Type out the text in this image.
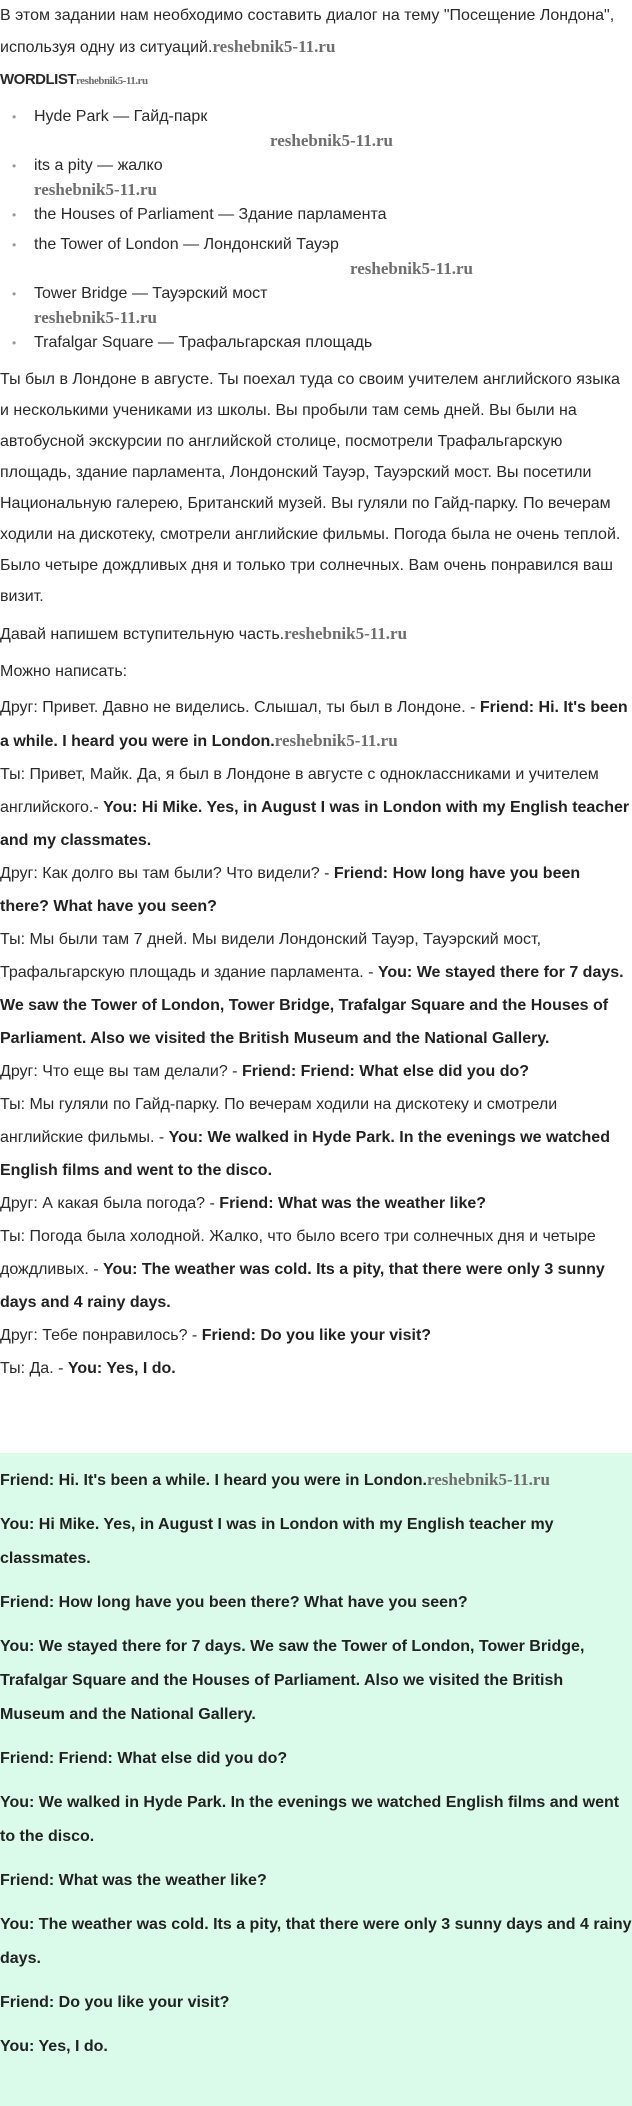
В этом задании нам необходимо составить диалог на тему "Посещение Лондона", используя одну из ситуаций.reshebnik5-11.ru

WORDLISTreshebnik5-11.ru

• Hyde Park — Гайд-парк
reshebnik5-11.ru
• its a pity — жалко
reshebnik5-11.ru
• the Houses of Parliament — Здание парламента
• the Tower of London — Лондонский Тауэр
reshebnik5-11.ru
• Tower Bridge — Тауэрский мост
reshebnik5-11.ru
• Trafalgar Square — Трафальгарская площадь

Ты был в Лондоне в августе. Ты поехал туда со своим учителем английского языка и несколькими учениками из школы. Вы пробыли там семь дней. Вы были на автобусной экскурсии по английской столице, посмотрели Трафальгарскую площадь, здание парламента, Лондонский Тауэр, Тауэрский мост. Вы посетили Национальную галерею, Британский музей. Вы гуляли по Гайд-парку. По вечерам ходили на дискотеку, смотрели английские фильмы. Погода была не очень теплой. Было четыре дождливых дня и только три солнечных. Вам очень понравился ваш визит.

Давай напишем вступительную часть.reshebnik5-11.ru

Можно написать:

Друг: Привет. Давно не виделись. Слышал, ты был в Лондоне. - Friend: Hi. It's been a while. I heard you were in London.reshebnik5-11.ru

Ты: Привет, Майк. Да, я был в Лондоне в августе с одноклассниками и учителем английского.- You: Hi Mike. Yes, in August I was in London with my English teacher and my classmates.

Друг: Как долго вы там были? Что видели? - Friend: How long have you been there? What have you seen?

Ты: Мы были там 7 дней. Мы видели Лондонский Тауэр, Тауэрский мост, Трафальгарскую площадь и здание парламента. - You: We stayed there for 7 days. We saw the Tower of London, Tower Bridge, Trafalgar Square and the Houses of Parliament. Also we visited the British Museum and the National Gallery.

Друг: Что еще вы там делали? - Friend: Friend: What else did you do?

Ты: Мы гуляли по Гайд-парку. По вечерам ходили на дискотеку и смотрели английские фильмы. - You: We walked in Hyde Park. In the evenings we watched English films and went to the disco.

Друг: А какая была погода? - Friend: What was the weather like?

Ты: Погода была холодной. Жалко, что было всего три солнечных дня и четыре дождливых. - You: The weather was cold. Its a pity, that there were only 3 sunny days and 4 rainy days.

Друг: Тебе понравилось? - Friend: Do you like your visit?

Ты: Да. - You: Yes, I do.

Friend: Hi. It's been a while. I heard you were in London.reshebnik5-11.ru

You: Hi Mike. Yes, in August I was in London with my English teacher my classmates.

Friend: How long have you been there? What have you seen?

You: We stayed there for 7 days. We saw the Tower of London, Tower Bridge, Trafalgar Square and the Houses of Parliament. Also we visited the British Museum and the National Gallery.

Friend: Friend: What else did you do?

You: We walked in Hyde Park. In the evenings we watched English films and went to the disco.

Friend: What was the weather like?

You: The weather was cold. Its a pity, that there were only 3 sunny days and 4 rainy days.

Friend: Do you like your visit?

You: Yes, I do.
